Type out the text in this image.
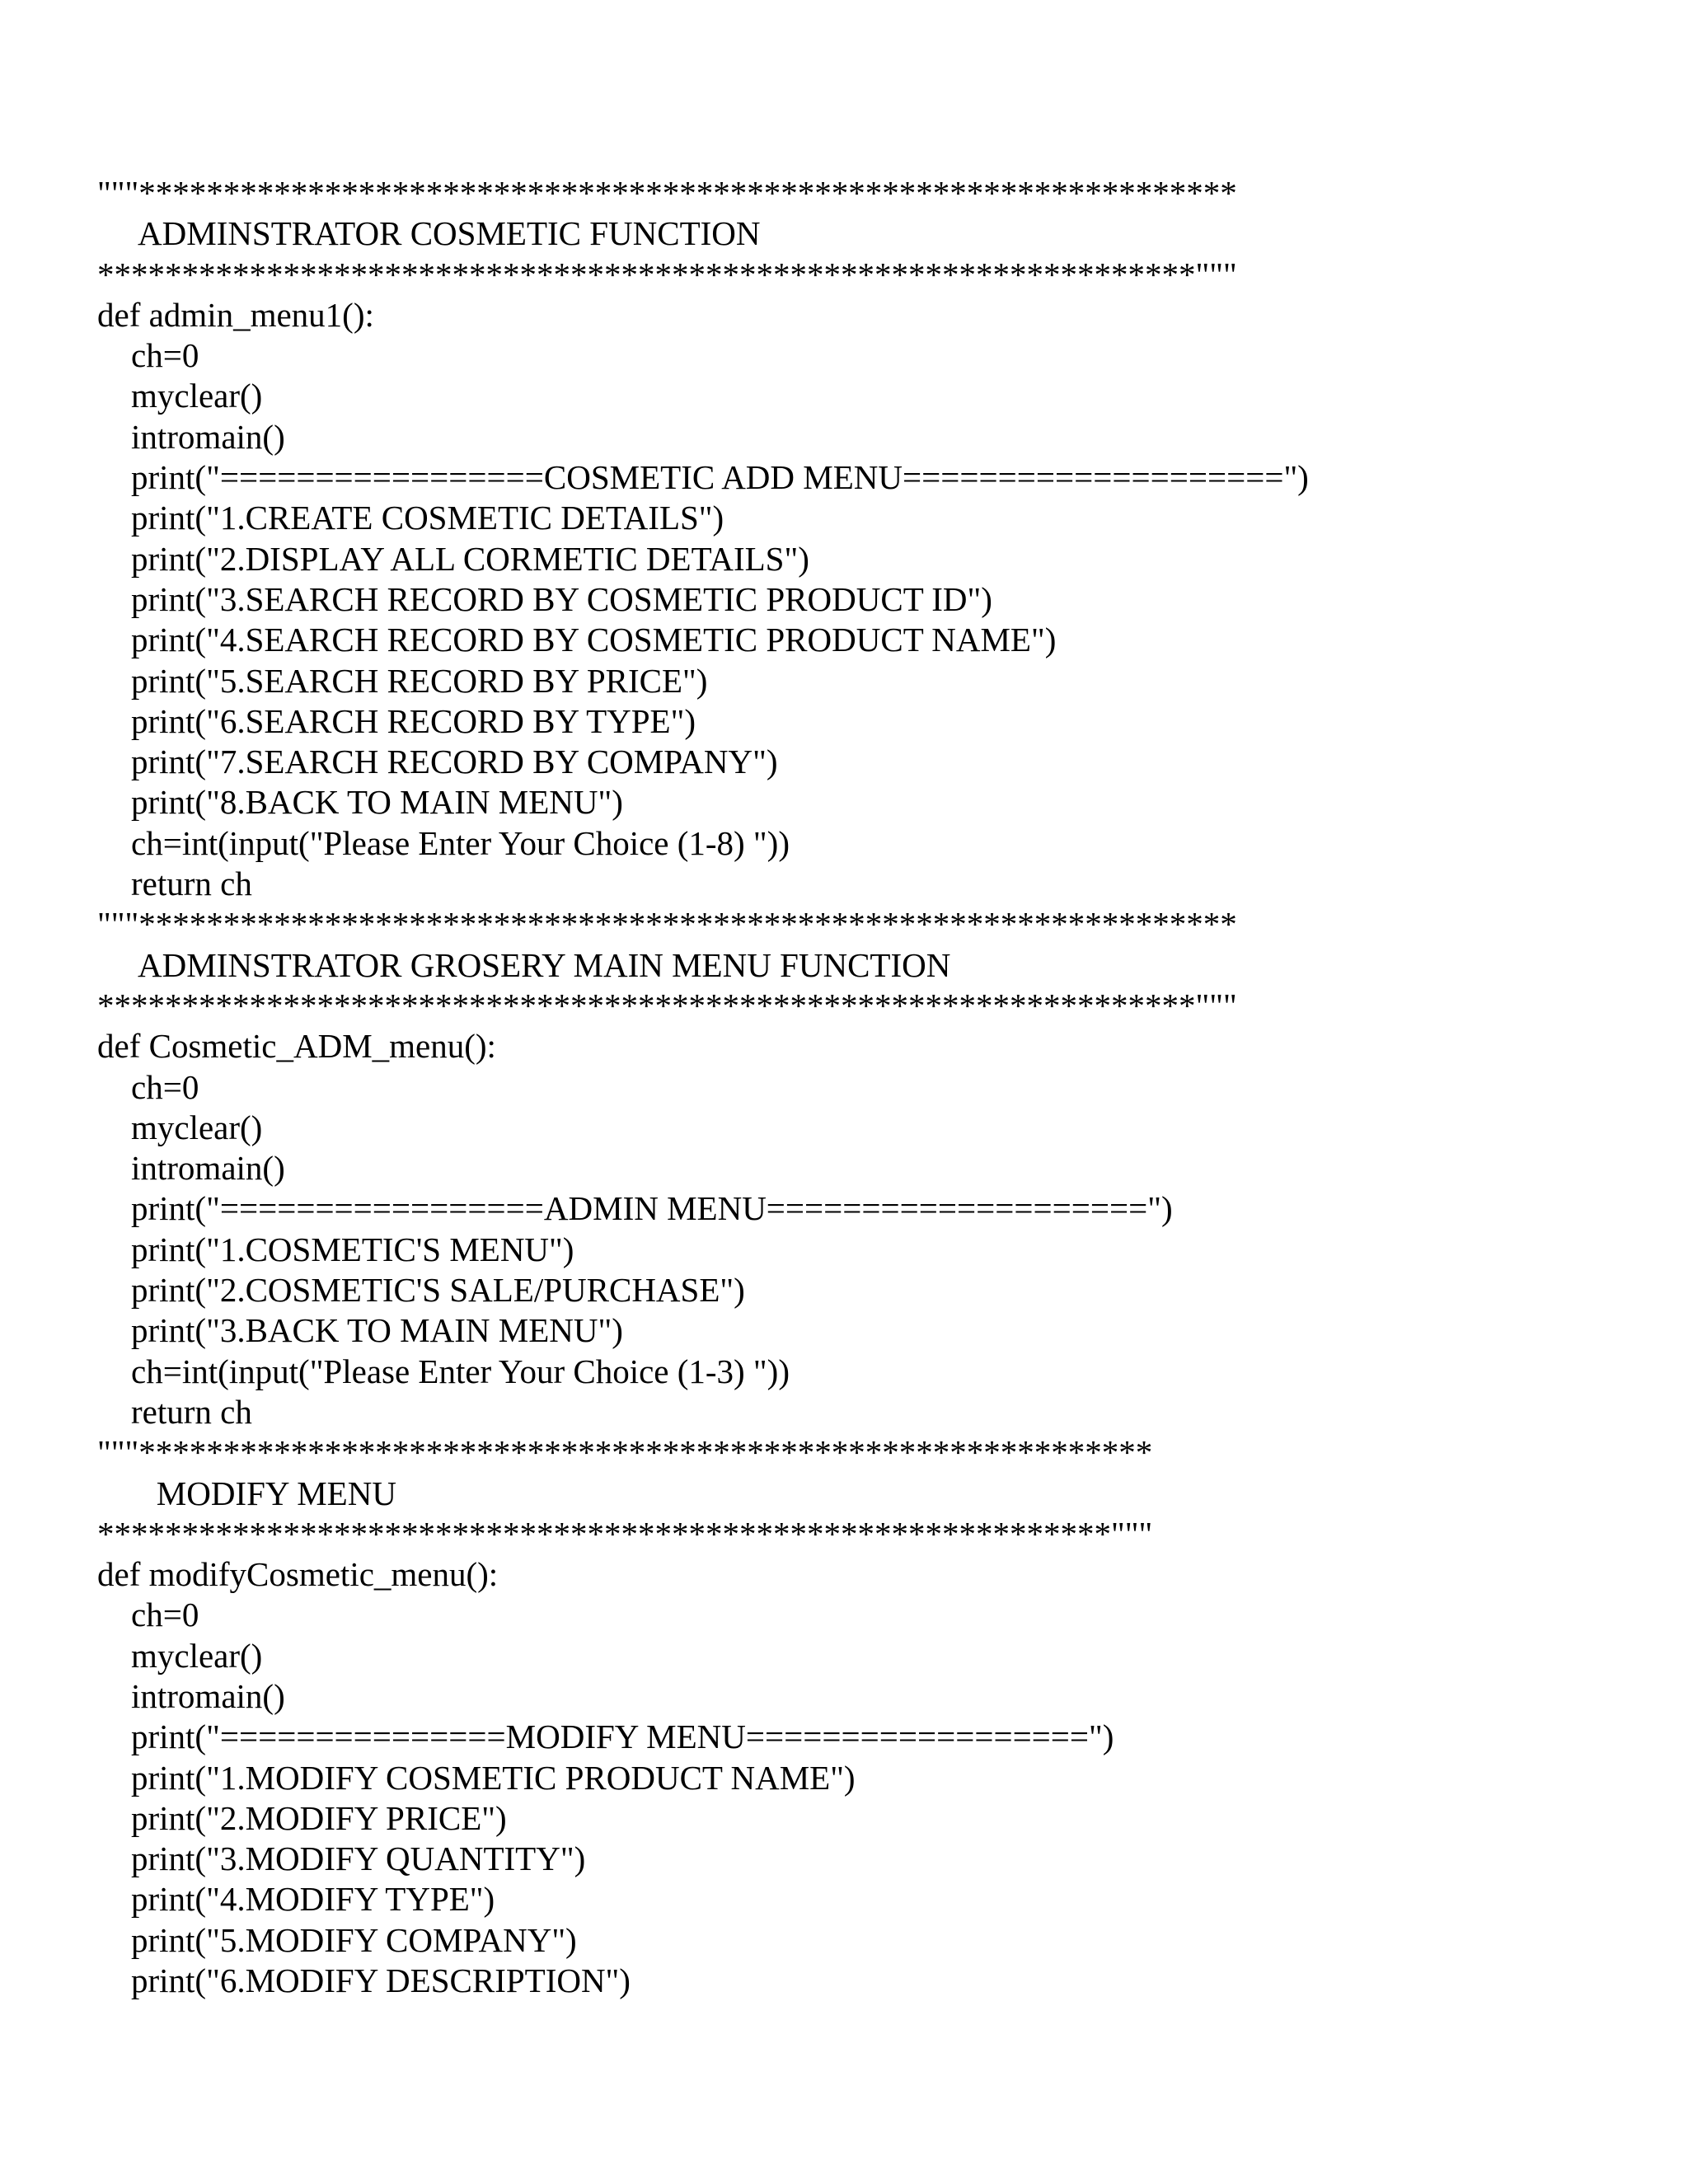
"""*****************************************************************
ADMINSTRATOR COSMETIC FUNCTION
*****************************************************************"""
def admin_menu1():
ch=0
myclear()
intromain()
print("=================COSMETIC ADD MENU====================")
print("1.CREATE COSMETIC DETAILS")
print("2.DISPLAY ALL CORMETIC DETAILS")
print("3.SEARCH RECORD BY COSMETIC PRODUCT ID")
print("4.SEARCH RECORD BY COSMETIC PRODUCT NAME")
print("5.SEARCH RECORD BY PRICE")
print("6.SEARCH RECORD BY TYPE")
print("7.SEARCH RECORD BY COMPANY")
print("8.BACK TO MAIN MENU")
ch=int(input("Please Enter Your Choice (1-8) "))
return ch
"""*****************************************************************
ADMINSTRATOR GROSERY MAIN MENU FUNCTION
*****************************************************************"""
def Cosmetic_ADM_menu():
ch=0
myclear()
intromain()
print("=================ADMIN MENU====================")
print("1.COSMETIC'S MENU")
print("2.COSMETIC'S SALE/PURCHASE")
print("3.BACK TO MAIN MENU")
ch=int(input("Please Enter Your Choice (1-3) "))
return ch
"""************************************************************
MODIFY MENU
************************************************************"""
def modifyCosmetic_menu():
ch=0
myclear()
intromain()
print("===============MODIFY MENU==================")
print("1.MODIFY COSMETIC PRODUCT NAME")
print("2.MODIFY PRICE")
print("3.MODIFY QUANTITY")
print("4.MODIFY TYPE")
print("5.MODIFY COMPANY")
print("6.MODIFY DESCRIPTION")
